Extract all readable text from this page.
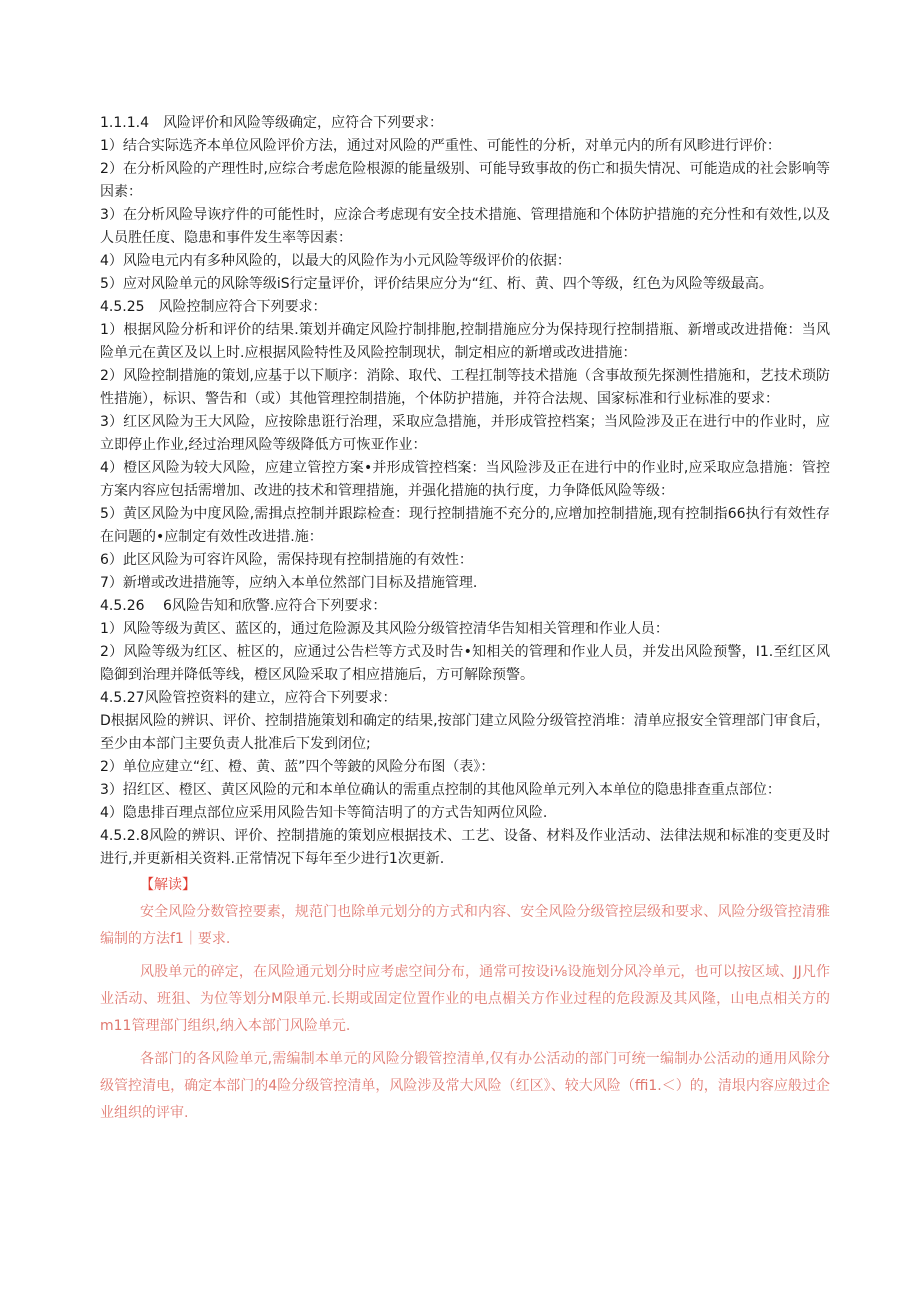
1.1.1.4　风险评价和风险等级确定，应符合下列要求：

1）结合实际选齐本单位风险评价方法，通过对风险的严重性、可能性的分析，对单元内的所有风畛进行评价：

2）在分析风险的产理性时,应综合考虑危险根源的能量级别、可能导致事故的伤亡和损失情况、可能造成的社会影响等因素：

3）在分析风险导诙疗件的可能性时，应涂合考虑现有安全技术措施、管理措施和个体防护措施的充分性和有效性,以及人员胜任度、隐患和事件发生率等因素：

4）风险电元内有多种风险的，以最大的风险作为小元风险等级评价的依据：

5）应对风险单元的风除等级iS行定量评价，评价结果应分为“红、桁、黄、四个等级，红色为风险等级最高。

4.5.25　风险控制应符合下列要求：

1）根据风险分析和评价的结果.策划并确定风险拧制排胞,控制措施应分为保持现行控制措瓶、新增或改进措俺：当风险单元在黄区及以上时.应根据风险特性及风险控制现状，制定相应的新增或改进措施：

2）风险控制措施的策划,应基于以下顺序：消除、取代、工程扛制等技术措施（含事故预先探测性措施和，艺技术琐防性措施），标识、警告和（或）其他管理控制措施，个体防护措施，并符合法规、国家标准和行业标准的要求：

3）红区风险为王大风险，应按除患诳行治理，采取应急措施，并形成管控档案；当风险涉及正在进行中的作业时，应立即停止作业,经过治理风险等级降低方可恢亚作业：

4）橙区风险为较大风险，应建立管控方案•并形成管控档案：当风险涉及正在进行中的作业时,应采取应急措施：管控方案内容应包括需增加、改进的技术和管理措施，并强化措施的执行度，力争降低风险等级：

5）黄区风险为中度风险,需揖点控制并跟踪检查：现行控制措施不充分的,应增加控制措施,现有控制指66执行有效性存在问题的•应制定有效性改进措.施：

6）此区风险为可容许风险，需保持现有控制措施的有效性：

7）新增或改进措施等，应纳入本单位然部门目标及措施管理.

4.5.26　 6风险告知和欣警.应符合下列要求：

1）风险等级为黄区、蓝区的，通过危险源及其风险分级管控清华告知相关管理和作业人员：

2）风险等级为红区、桩区的，应通过公告栏等方式及时告•知相关的管理和作业人员，并发出风险预警，I1.至红区风隐御到治理并降低等线，橙区风险采取了相应措施后，方可解除预警。

4.5.27风险管控资料的建立，应符合下列要求：

D根据风险的辨识、评价、控制措施策划和确定的结果,按部门建立风险分级管控消堆：清单应报安全管理部门审食后，至少由本部门主要负责人批准后下发到闭位;

2）单位应建立“红、橙、黄、蓝”四个等鈹的风险分布图（表》：

3）招红区、橙区、黄区风险的元和本单位确认的需重点控制的其他风险单元列入本单位的隐患排查重点部位：

4）隐患排百理点部位应采用风险告知卡等简洁明了的方式告知两位风险.

4.5.2.8风险的辨识、评价、控制措施的策划应根据技术、工艺、设备、材料及作业活动、法律法规和标准的变更及时进行,并更新相关资料.正常情况下每年至少进行1次更新.

【解读】

安全风险分数管控要素，规范门也除单元划分的方式和内容、安全风险分级管控层级和要求、风险分级管控清雅编制的方法f1｜要求.

风股单元的碎定，在风险通元划分时应考虑空间分布，通常可按设i⅛设施划分风冷单元，也可以按区域、JJ凡作业活动、班狙、为位等划分M限单元.长期或固定位置作业的电点楣关方作业过程的危段源及其风隆，山电点相关方的m11管理部门组织,纳入本部门风险单元.

各部门的各风险单元,需编制本单元的风险分锻管控清单,仅有办公活动的部门可统一编制办公活动的通用风除分级管控清电，确定本部门的4险分级管控清单，风险涉及常大风险（红区》、较大风险（ffi1.＜）的，清垠内容应般过企业组织的评审.
